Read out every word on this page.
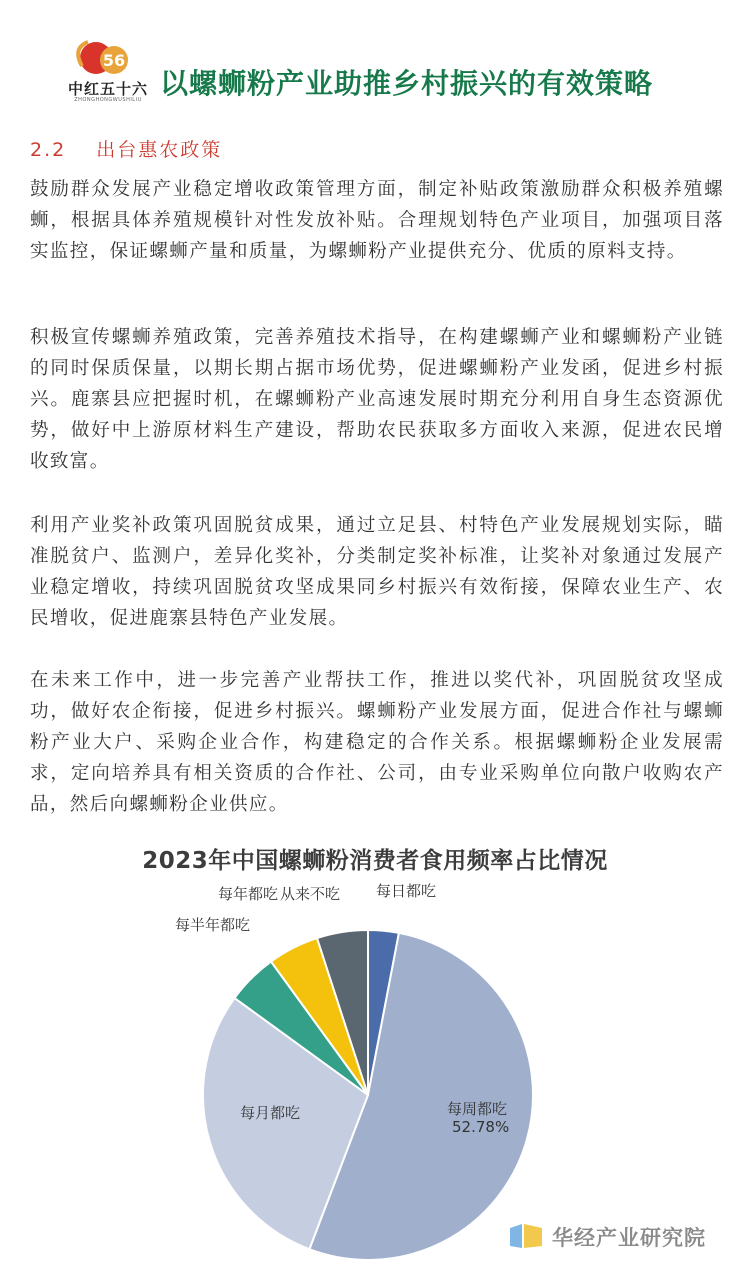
56
中红五十六
ZHONGHONGWUSHILIU 以螺蛳粉产业助推乡村振兴的有效策略
2.2 出台惠农政策

鼓励群众发展产业稳定增收政策管理方面，制定补贴政策激励群众积极养殖螺蛳，根据具体养殖规模针对性发放补贴。合理规划特色产业项目，加强项目落实监控，保证螺蛳产量和质量，为螺蛳粉产业提供充分、优质的原料支持。

积极宣传螺蛳养殖政策，完善养殖技术指导，在构建螺蛳产业和螺蛳粉产业链的同时保质保量，以期长期占据市场优势，促进螺蛳粉产业发函，促进乡村振兴。鹿寨县应把握时机，在螺蛳粉产业高速发展时期充分利用自身生态资源优势，做好中上游原材料生产建设，帮助农民获取多方面收入来源，促进农民增收致富。

利用产业奖补政策巩固脱贫成果，通过立足县、村特色产业发展规划实际，瞄准脱贫户、监测户，差异化奖补，分类制定奖补标准，让奖补对象通过发展产业稳定增收，持续巩固脱贫攻坚成果同乡村振兴有效衔接，保障农业生产、农民增收，促进鹿寨县特色产业发展。

在未来工作中，进一步完善产业帮扶工作，推进以奖代补，巩固脱贫攻坚成功，做好农企衔接，促进乡村振兴。螺蛳粉产业发展方面，促进合作社与螺蛳粉产业大户、采购企业合作，构建稳定的合作关系。根据螺蛳粉企业发展需求，定向培养具有相关资质的合作社、公司，由专业采购单位向散户收购农产品，然后向螺蛳粉企业供应。

2023年中国螺蛳粉消费者食用频率占比情况
每日都吃
从来不吃
每年都吃
每半年都吃
每月都吃	每周都吃
52.78%
华经产业研究院
